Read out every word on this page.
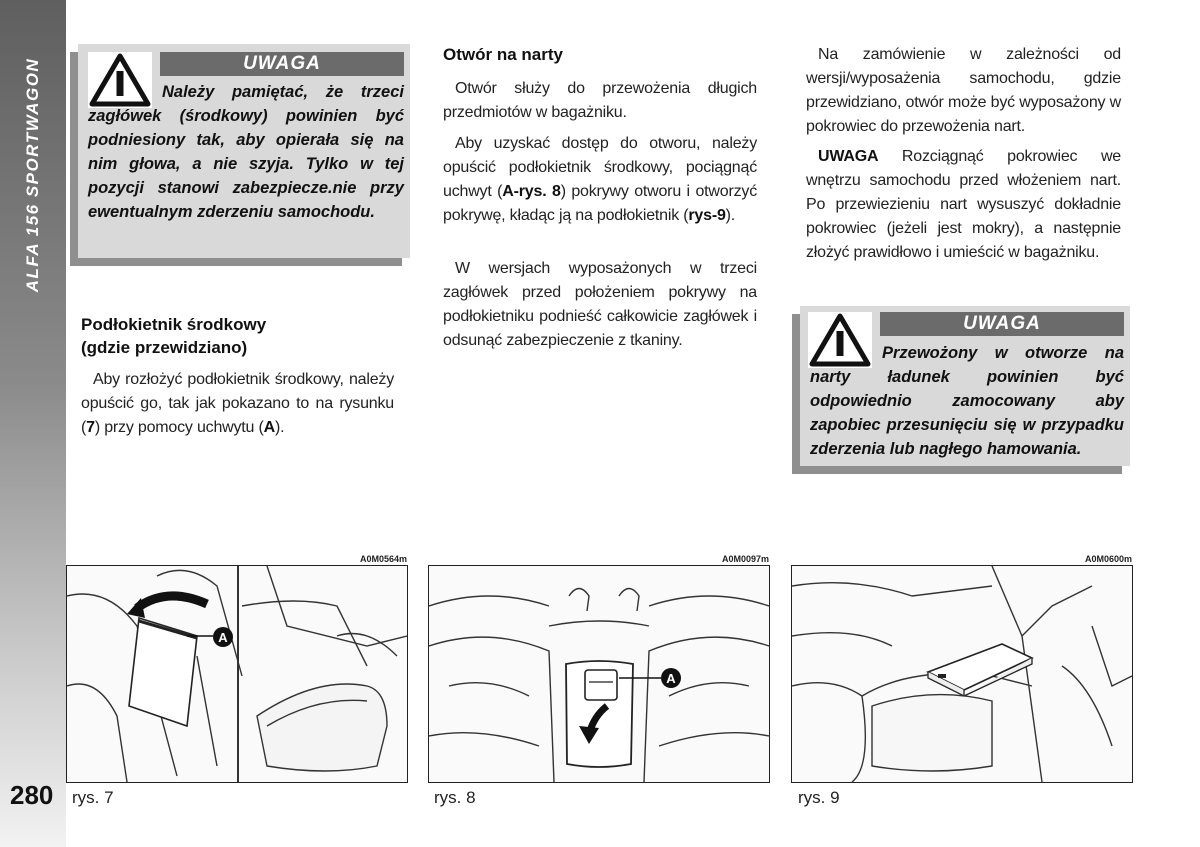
ALFA 156 SPORTWAGON
280
UWAGA
Należy pamiętać, że trzeci zagłówek (środkowy) powinien być podniesiony tak, aby opierała się na nim głowa, a nie szyja. Tylko w tej pozycji stanowi zabezpiecze.nie przy ewentualnym zderzeniu samochodu.
Podłokietnik środkowy
(gdzie przewidziano)
Aby rozłożyć podłokietnik środkowy, należy opuścić go, tak jak pokazano to na rysunku (7) przy pomocy uchwytu (A).
Otwór na narty
Otwór służy do przewożenia długich przedmiotów w bagażniku.
Aby uzyskać dostęp do otworu, należy opuścić podłokietnik środkowy, pociągnąć uchwyt (A-rys. 8) pokrywy otworu i otworzyć pokrywę, kładąc ją na podłokietnik (rys-9).
W wersjach wyposażonych w trzeci zagłówek przed położeniem pokrywy na podłokietniku podnieść całkowicie zagłówek i odsunąć zabezpieczenie z tkaniny.
Na zamówienie w zależności od wersji/wyposażenia samochodu, gdzie przewidziano, otwór może być wyposażony w pokrowiec do przewożenia nart.
UWAGA Rozciągnąć pokrowiec we wnętrzu samochodu przed włożeniem nart. Po przewiezieniu nart wysuszyć dokładnie pokrowiec (jeżeli jest mokry), a następnie złożyć prawidłowo i umieścić w bagażniku.
UWAGA
Przewożony w otworze na narty ładunek powinien być odpowiednio zamocowany aby zapobiec przesunięciu się w przypadku zderzenia lub nagłego hamowania.
A0M0564m
A
rys. 7
A0M0097m
A
rys. 8
A0M0600m
rys. 9
